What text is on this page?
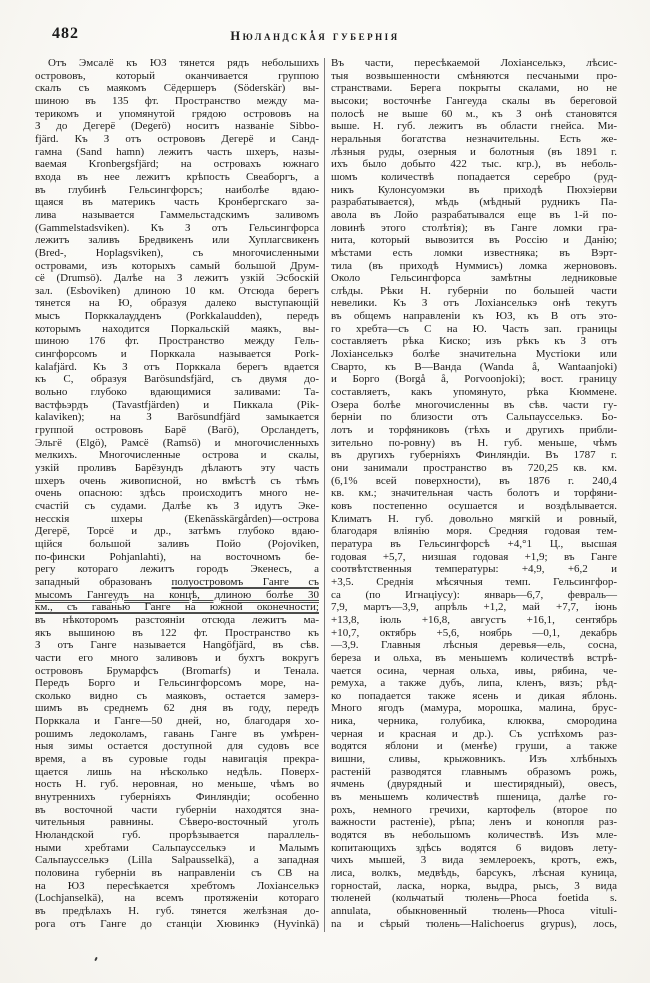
482	Нюландская губернія
Отъ Эмсалё къ ЮЗ тянется рядъ небольшихъ
острововъ, который оканчивается группою
скалъ съ маякомъ Сёдершеръ (Söderskär) вы-
шиною въ 135 фт. Пространство между ма-
терикомъ и упомянутой грядою острововъ на
З до Дегерё (Degerö) носитъ названіе Sibbo-
fjärd. Къ З отъ острововъ Дегерё и Санд-
гамна (Sand hamn) лежитъ часть шхеръ, назы-
ваемая Kronbergsfjärd; на островахъ южнаго
входа въ нее лежитъ крѣпость Свеаборгъ, а
въ глубинѣ Гельсингфорсъ; наиболѣе вдаю-
щаяся въ материкъ часть Кронбергскаго за-
лива называется Гаммельстадскимъ заливомъ
(Gammelstadsviken). Къ З отъ Гельсингфорса
лежитъ заливъ Бредвикенъ или Хуплагсвикенъ
(Bred-, Hoplagsviken), съ многочисленными
островами, изъ которыхъ самый большой Друм-
сё (Drumsö). Далѣе на З лежитъ узкій Эсбоскій
зал. (Esboviken) длиною 10 км. Отсюда берегъ
тянется на Ю, образуя далеко выступающій
мысъ Порккалаудденъ (Porkkalaudden), передъ
которымъ находится Поркальскій маякъ, вы-
шиною 176 фт. Пространство между Гель-
сингфорсомъ и Порккала называется Pork-
kalafjärd. Къ З отъ Порккала берегъ вдается
къ С, образуя Barösundsfjärd, съ двумя до-
вольно глубоко вдающимися заливами: Та-
вастфьэрдъ (Tavastfjärden) и Пиккала (Pik-
kalaviken); на З Barösundfjärd замыкается
группой острововъ Барё (Barö), Орсландетъ,
Эльгё (Elgö), Рамсё (Ramsö) и многочисленныхъ
мелкихъ. Многочисленные острова и скалы,
узкій проливъ Барёзундъ дѣлаютъ эту часть
шхеръ очень живописной, но вмѣстѣ съ тѣмъ
очень опасною: здѣсь происходитъ много не-
счастій съ судами. Далѣе къ З идутъ Эке-
несскія шхеры (Ekenässkärgården)—острова
Дегерё, Торсё и др., затѣмъ глубоко вдаю-
щійся большой заливъ Пойо (Pojoviken,
по-фински Pohjanlahti), на восточномъ бе-
регу котораго лежитъ городъ Экенесъ, а
западный образованъ полуостровомъ Ганге съ
мысомъ Гангеудъ на концѣ, длиною болѣе 30
км., съ гаванью Ганге на южной оконечности;
въ нѣкоторомъ разстояніи отсюда лежитъ ма-
якъ вышиною въ 122 фт. Пространство къ
З отъ Ганге называется Hangöfjärd, въ сѣв.
части его много заливовъ и бухтъ вокругъ
острововъ Брумарфсъ (Bromarfs) и Тенала.
Передъ Борго и Гельсингфорсомъ море, на-
сколько видно съ маяковъ, остается замерз-
шимъ въ среднемъ 62 дня въ году, передъ
Порккала и Ганге—50 дней, но, благодаря хо-
рошимъ ледоколамъ, гавань Ганге въ умѣрен-
ныя зимы остается доступной для судовъ все
время, а въ суровые годы навигація прекра-
щается лишь на нѣсколько недѣль. Поверх-
ность Н. губ. неровная, но меньше, чѣмъ во
внутреннихъ губерніяхъ Финляндіи; особенно
въ восточной части губерніи находятся зна-
чительныя равнины. Сѣверо-восточный уголъ
Нюландской губ. прорѣзывается параллель-
ными хребтами Сальпаусселькэ и Малымъ
Сальпаусселькэ (Lilla Salpausselkä), а западная
половина губерніи въ направленіи съ СВ на
на ЮЗ пересѣкается хребтомъ Лохіанселькэ
(Lochjanselkä), на всемъ протяженіи котораго
въ предѣлахъ Н. губ. тянется желѣзная до-
рога отъ Ганге до станціи Хювинкэ (Hyvinkä)
Въ части, пересѣкаемой Лохіанселькэ, лѣсис-
тыя возвышенности смѣняются песчаными про-
странствами. Берега покрыты скалами, но не
высоки; восточнѣе Гангеуда скалы въ береговой
полосѣ не выше 60 м., къ З онѣ становятся
выше. Н. губ. лежитъ въ области гнейса. Ми-
неральныя богатства незначительны. Есть же-
лѣзныя руды, озерныя и болотныя (въ 1891 г.
ихъ было добыто 422 тыс. кгр.), въ неболь-
шомъ количествѣ попадается серебро (руд-
никъ Кулонсуомэки въ приходѣ Пюхэіерви
разрабатывается), мѣдь (мѣдный рудникъ Па-
авола въ Лойо разрабатывался еще въ 1-й по-
ловинѣ этого столѣтія); въ Ганге ломки гра-
нита, который вывозится въ Россію и Данію;
мѣстами есть ломки известняка; въ Вэрт-
тила (въ приходѣ Нуммисъ) ломка жернововъ.
Около Гельсингфорса замѣтны ледниковые
слѣды. Рѣки Н. губерніи по большей части
невелики. Къ З отъ Лохіанселькэ онѣ текутъ
въ общемъ направленіи къ ЮЗ, къ В отъ это-
го хребта—съ С на Ю. Часть зап. границы
составляетъ рѣка Киско; изъ рѣкъ къ З отъ
Лохіанселькэ болѣе значительна Мустіоки или
Сварто, къ В—Ванда (Wanda å, Wantaanjoki)
и Борго (Borgå å, Porvoonjoki); вост. границу
составляетъ, какъ упомянуто, рѣка Кюммене.
Озера болѣе многочисленны въ сѣв. части гу-
берніи по близости отъ Сальпаусселькэ. Бо-
лотъ и торфяниковъ (тѣхъ и другихъ прибли-
зительно по-ровну) въ Н. губ. меньше, чѣмъ
въ другихъ губерніяхъ Финляндіи. Въ 1787 г.
они занимали пространство въ 720,25 кв. км.
(6,1% всей поверхности), въ 1876 г. 240,4
кв. км.; значительная часть болотъ и торфяни-
ковъ постепенно осушается и воздѣлывается.
Климатъ Н. губ. довольно мягкій и ровный,
благодаря вліянію моря. Средняя годовая тем-
пература въ Гельсингфорсѣ +4,°1 Ц., высшая
годовая +5,7, низшая годовая +1,9; въ Ганге
соотвѣтственныя температуры: +4,9, +6,2 и
+3,5. Среднія мѣсячныя темп. Гельсингфор-
са (по Игнаціусу): январь—6,7, февраль—
7,9, мартъ—3,9, апрѣль +1,2, май +7,7, іюнь
+13,8, іюль +16,8, августъ +16,1, сентябрь
+10,7, октябрь +5,6, ноябрь —0,1, декабрь
—3,9. Главныя лѣсныя деревья—ель, сосна,
береза и ольха, въ меньшемъ количествѣ встрѣ-
чается осина, черная ольха, ивы, рябина, че-
ремуха, а также дубъ, липа, кленъ, вязъ; рѣд-
ко попадается также ясень и дикая яблонь.
Много ягодъ (мамура, морошка, малина, брус-
ника, черника, голубика, клюква, смородина
черная и красная и др.). Съ успѣхомъ раз-
водятся яблони и (менѣе) груши, а также
вишни, сливы, крыжовникъ. Изъ хлѣбныхъ
растеній разводятся главнымъ образомъ рожь,
ячмень (двурядный и шестирядный), овесъ,
въ меньшемъ количествѣ пшеница, далѣе го-
рохъ, немного гречихи, картофель (второе по
важности растеніе), рѣпа; ленъ и конопля раз-
водятся въ небольшомъ количествѣ. Изъ мле-
копитающихъ здѣсь водятся 6 видовъ лету-
чихъ мышей, 3 вида землероекъ, кротъ, ежъ,
лиса, волкъ, медвѣдь, барсукъ, лѣсная куница,
горностай, ласка, норка, выдра, рысь, 3 вида
тюленей (кольчатый тюлень—Phoca foetida s.
annulata, обыкновенный тюлень—Phoca vituli-
na и сѣрый тюлень—Halichoerus grypus), лось,
